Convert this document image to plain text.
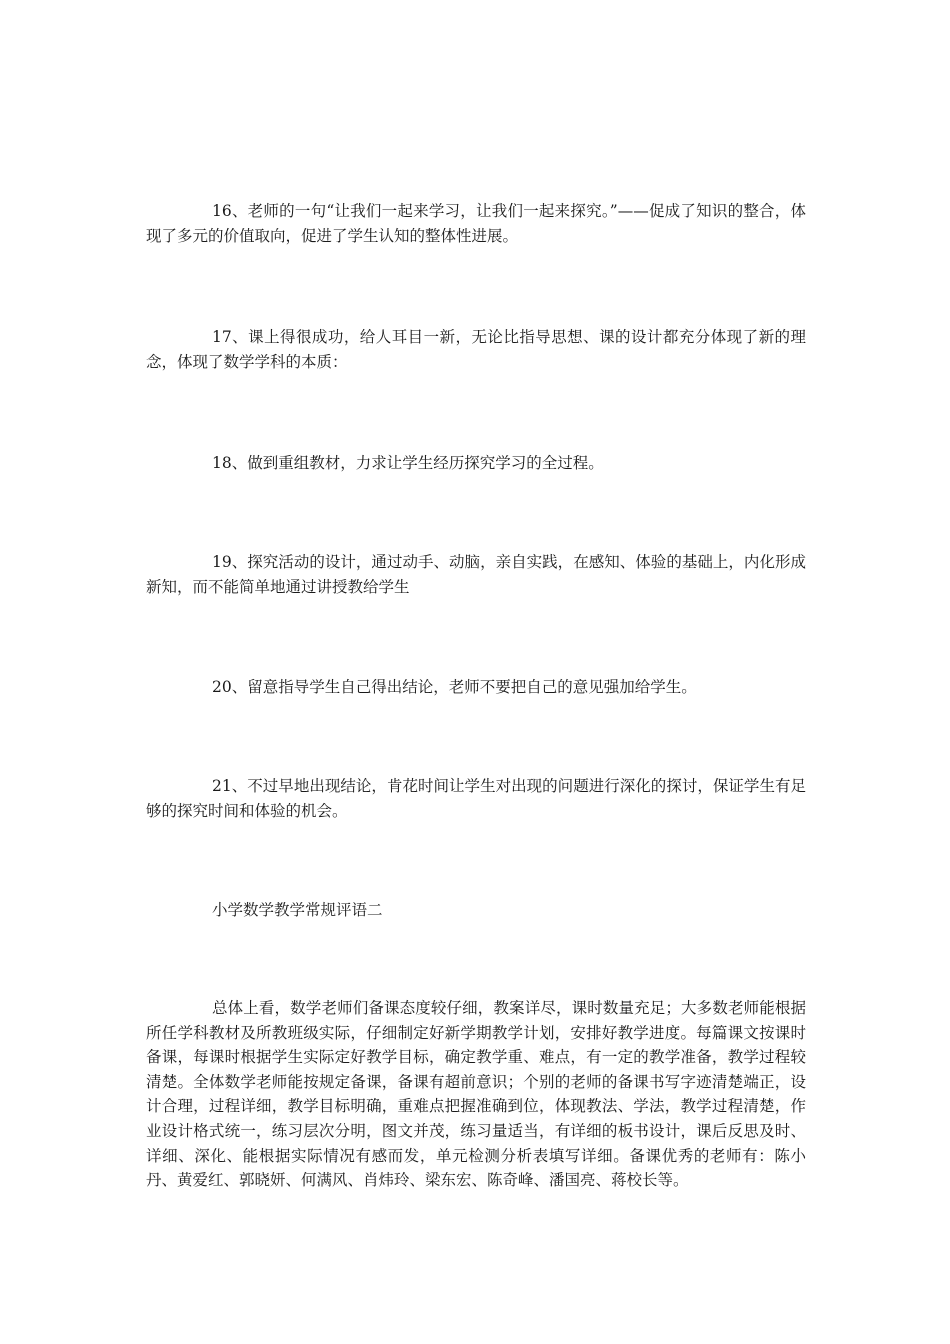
16、老师的一句“让我们一起来学习，让我们一起来探究。”——促成了知识的整合，体现了多元的价值取向，促进了学生认知的整体性进展。

17、课上得很成功，给人耳目一新，无论比指导思想、课的设计都充分体现了新的理念，体现了数学学科的本质：

18、做到重组教材，力求让学生经历探究学习的全过程。

19、探究活动的设计，通过动手、动脑，亲自实践，在感知、体验的基础上，内化形成新知，而不能简单地通过讲授教给学生

20、留意指导学生自己得出结论，老师不要把自己的意见强加给学生。

21、不过早地出现结论，肯花时间让学生对出现的问题进行深化的探讨，保证学生有足够的探究时间和体验的机会。

小学数学教学常规评语二

总体上看，数学老师们备课态度较仔细，教案详尽，课时数量充足；大多数老师能根据所任学科教材及所教班级实际，仔细制定好新学期教学计划，安排好教学进度。每篇课文按课时备课，每课时根据学生实际定好教学目标，确定教学重、难点，有一定的教学准备，教学过程较清楚。全体数学老师能按规定备课，备课有超前意识；个别的老师的备课书写字迹清楚端正，设计合理，过程详细，教学目标明确，重难点把握准确到位，体现教法、学法，教学过程清楚，作业设计格式统一，练习层次分明，图文并茂，练习量适当，有详细的板书设计，课后反思及时、详细、深化、能根据实际情况有感而发，单元检测分析表填写详细。备课优秀的老师有：陈小丹、黄爱红、郭晓妍、何满风、肖炜玲、梁东宏、陈奇峰、潘国亮、蒋校长等。
